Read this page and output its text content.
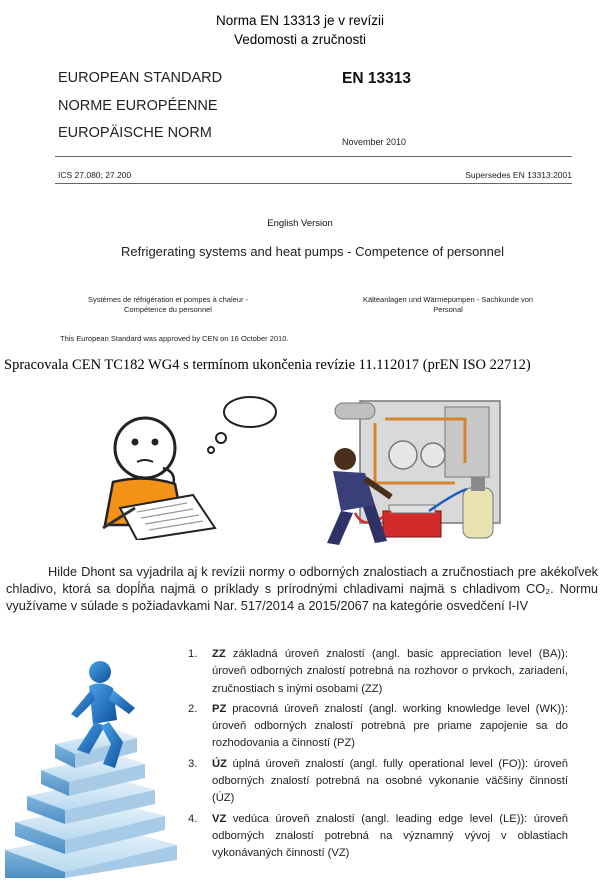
Norma EN 13313 je v revízii
Vedomosti a zručnosti
EUROPEAN STANDARD
NORME EUROPÉENNE
EUROPÄISCHE NORM
EN 13313
November 2010
ICS 27.080; 27.200	Supersedes EN 13313:2001
English Version
Refrigerating systems and heat pumps - Competence of personnel
Systèmes de réfrigération et pompes à chaleur - Compétence du personnel
Kälteanlagen und Wärmepumpen - Sachkunde von Personal
This European Standard was approved by CEN on 16 October 2010.
Spracovala CEN TC182 WG4 s termínom ukončenia revízie 11.112017 (prEN ISO 22712)
Hilde Dhont sa vyjadrila aj k revízii normy o odborných znalostiach a zručnostiach pre akékoľvek chladivo, ktorá sa dopĺňa najmä o príklady s prírodnými chladivami najmä s chladivom CO₂. Normu využívame v súlade s požiadavkami Nar. 517/2014 a 2015/2067 na kategórie osvedčení I-IV
1. ZZ základná úroveň znalostí (angl. basic appreciation level (BA)): úroveň odborných znalostí potrebná na rozhovor o prvkoch, zariadení, zručnostiach s inými osobami (ZZ)
2. PZ pracovná úroveň znalostí (angl. working knowledge level (WK)): úroveň odborných znalostí potrebná pre priame zapojenie sa do rozhodovania a činností (PZ)
3. ÚZ úplná úroveň znalostí (angl. fully operational level (FO)): úroveň odborných znalostí potrebná na osobné vykonanie väčšiny činností (ÚZ)
4. VZ vedúca úroveň znalostí (angl. leading edge level (LE)): úroveň odborných znalostí potrebná na významný vývoj v oblastiach vykonávaných činností (VZ)
